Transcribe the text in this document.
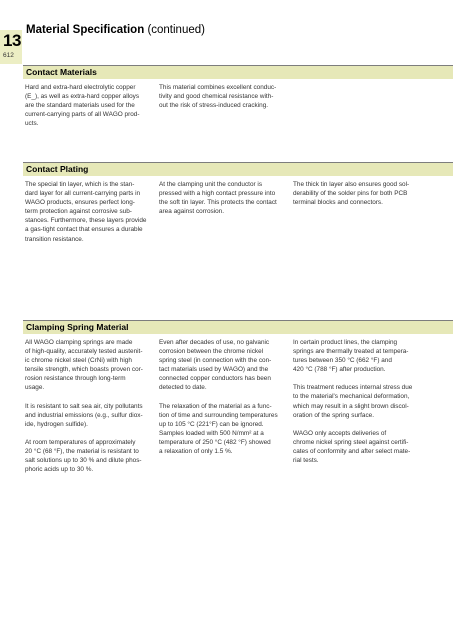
13
612
Material Specification (continued)
Contact Materials

Hard and extra-hard electrolytic copper
(E_), as well as extra-hard copper alloys
are the standard materials used for the
current-carrying parts of all WAGO prod-
ucts.

This material combines excellent conduc-
tivity and good chemical resistance with-
out the risk of stress-induced cracking.

Contact Plating

The special tin layer, which is the stan-
dard layer for all current-carrying parts in
WAGO products, ensures perfect long-
term protection against corrosive sub-
stances. Furthermore, these layers provide
a gas-tight contact that ensures a durable
transition resistance.

At the clamping unit the conductor is
pressed with a high contact pressure into
the soft tin layer. This protects the contact
area against corrosion.

The thick tin layer also ensures good sol-
derability of the solder pins for both PCB
terminal blocks and connectors.

Clamping Spring Material

All WAGO clamping springs are made
of high-quality, accurately tested austenit-
ic chrome nickel steel (CrNi) with high
tensile strength, which boasts proven cor-
rosion resistance through long-term
usage.

It is resistant to salt sea air, city pollutants
and industrial emissions (e.g., sulfur diox-
ide, hydrogen sulfide).

At room temperatures of approximately
20 °C (68 °F), the material is resistant to
salt solutions up to 30 % and dilute phos-
phoric acids up to 30 %.

Even after decades of use, no galvanic
corrosion between the chrome nickel
spring steel (in connection with the con-
tact materials used by WAGO) and the
connected copper conductors has been
detected to date.

The relaxation of the material as a func-
tion of time and surrounding temperatures
up to 105 °C (221°F) can be ignored.
Samples loaded with 500 N/mm² at a
temperature of 250 °C (482 °F) showed
a relaxation of only 1.5 %.

In certain product lines, the clamping
springs are thermally treated at tempera-
tures between 350 °C (662 °F) and
420 °C (788 °F) after production.

This treatment reduces internal stress due
to the material's mechanical deformation,
which may result in a slight brown discol-
oration of the spring surface.

WAGO only accepts deliveries of
chrome nickel spring steel against certifi-
cates of conformity and after select mate-
rial tests.
